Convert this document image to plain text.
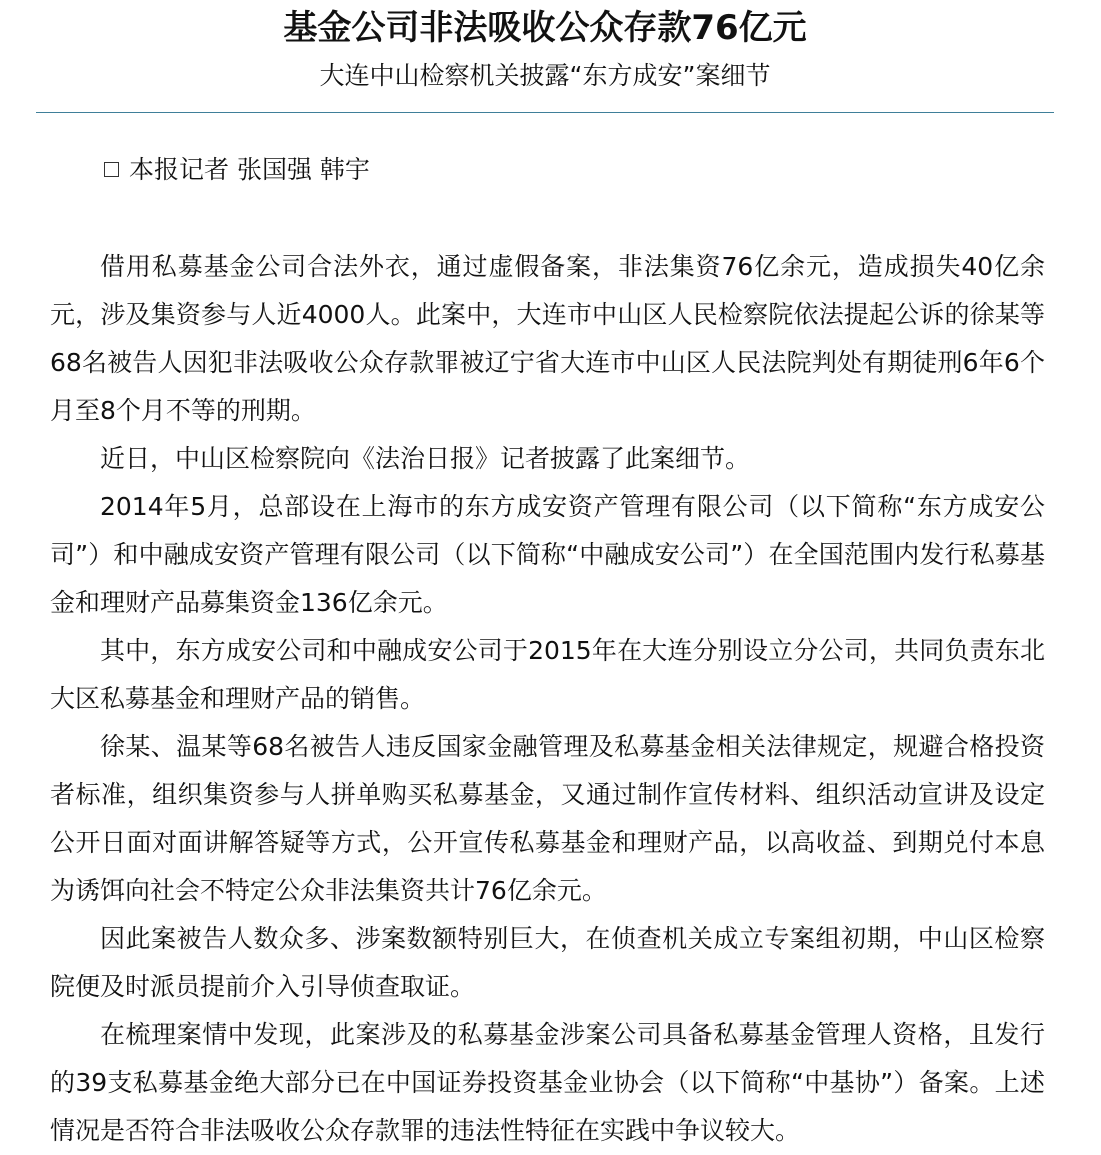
基金公司非法吸收公众存款76亿元
大连中山检察机关披露“东方成安”案细节
本报记者 张国强 韩宇

借用私募基金公司合法外衣，通过虚假备案，非法集资76亿余元，造成损失40亿余元，涉及集资参与人近4000人。此案中，大连市中山区人民检察院依法提起公诉的徐某等68名被告人因犯非法吸收公众存款罪被辽宁省大连市中山区人民法院判处有期徒刑6年6个月至8个月不等的刑期。

近日，中山区检察院向《法治日报》记者披露了此案细节。

2014年5月，总部设在上海市的东方成安资产管理有限公司（以下简称“东方成安公司”）和中融成安资产管理有限公司（以下简称“中融成安公司”）在全国范围内发行私募基金和理财产品募集资金136亿余元。

其中，东方成安公司和中融成安公司于2015年在大连分别设立分公司，共同负责东北大区私募基金和理财产品的销售。

徐某、温某等68名被告人违反国家金融管理及私募基金相关法律规定，规避合格投资者标准，组织集资参与人拼单购买私募基金，又通过制作宣传材料、组织活动宣讲及设定公开日面对面讲解答疑等方式，公开宣传私募基金和理财产品，以高收益、到期兑付本息为诱饵向社会不特定公众非法集资共计76亿余元。

因此案被告人数众多、涉案数额特别巨大，在侦查机关成立专案组初期，中山区检察院便及时派员提前介入引导侦查取证。

在梳理案情中发现，此案涉及的私募基金涉案公司具备私募基金管理人资格，且发行的39支私募基金绝大部分已在中国证券投资基金业协会（以下简称“中基协”）备案。上述情况是否符合非法吸收公众存款罪的违法性特征在实践中争议较大。
